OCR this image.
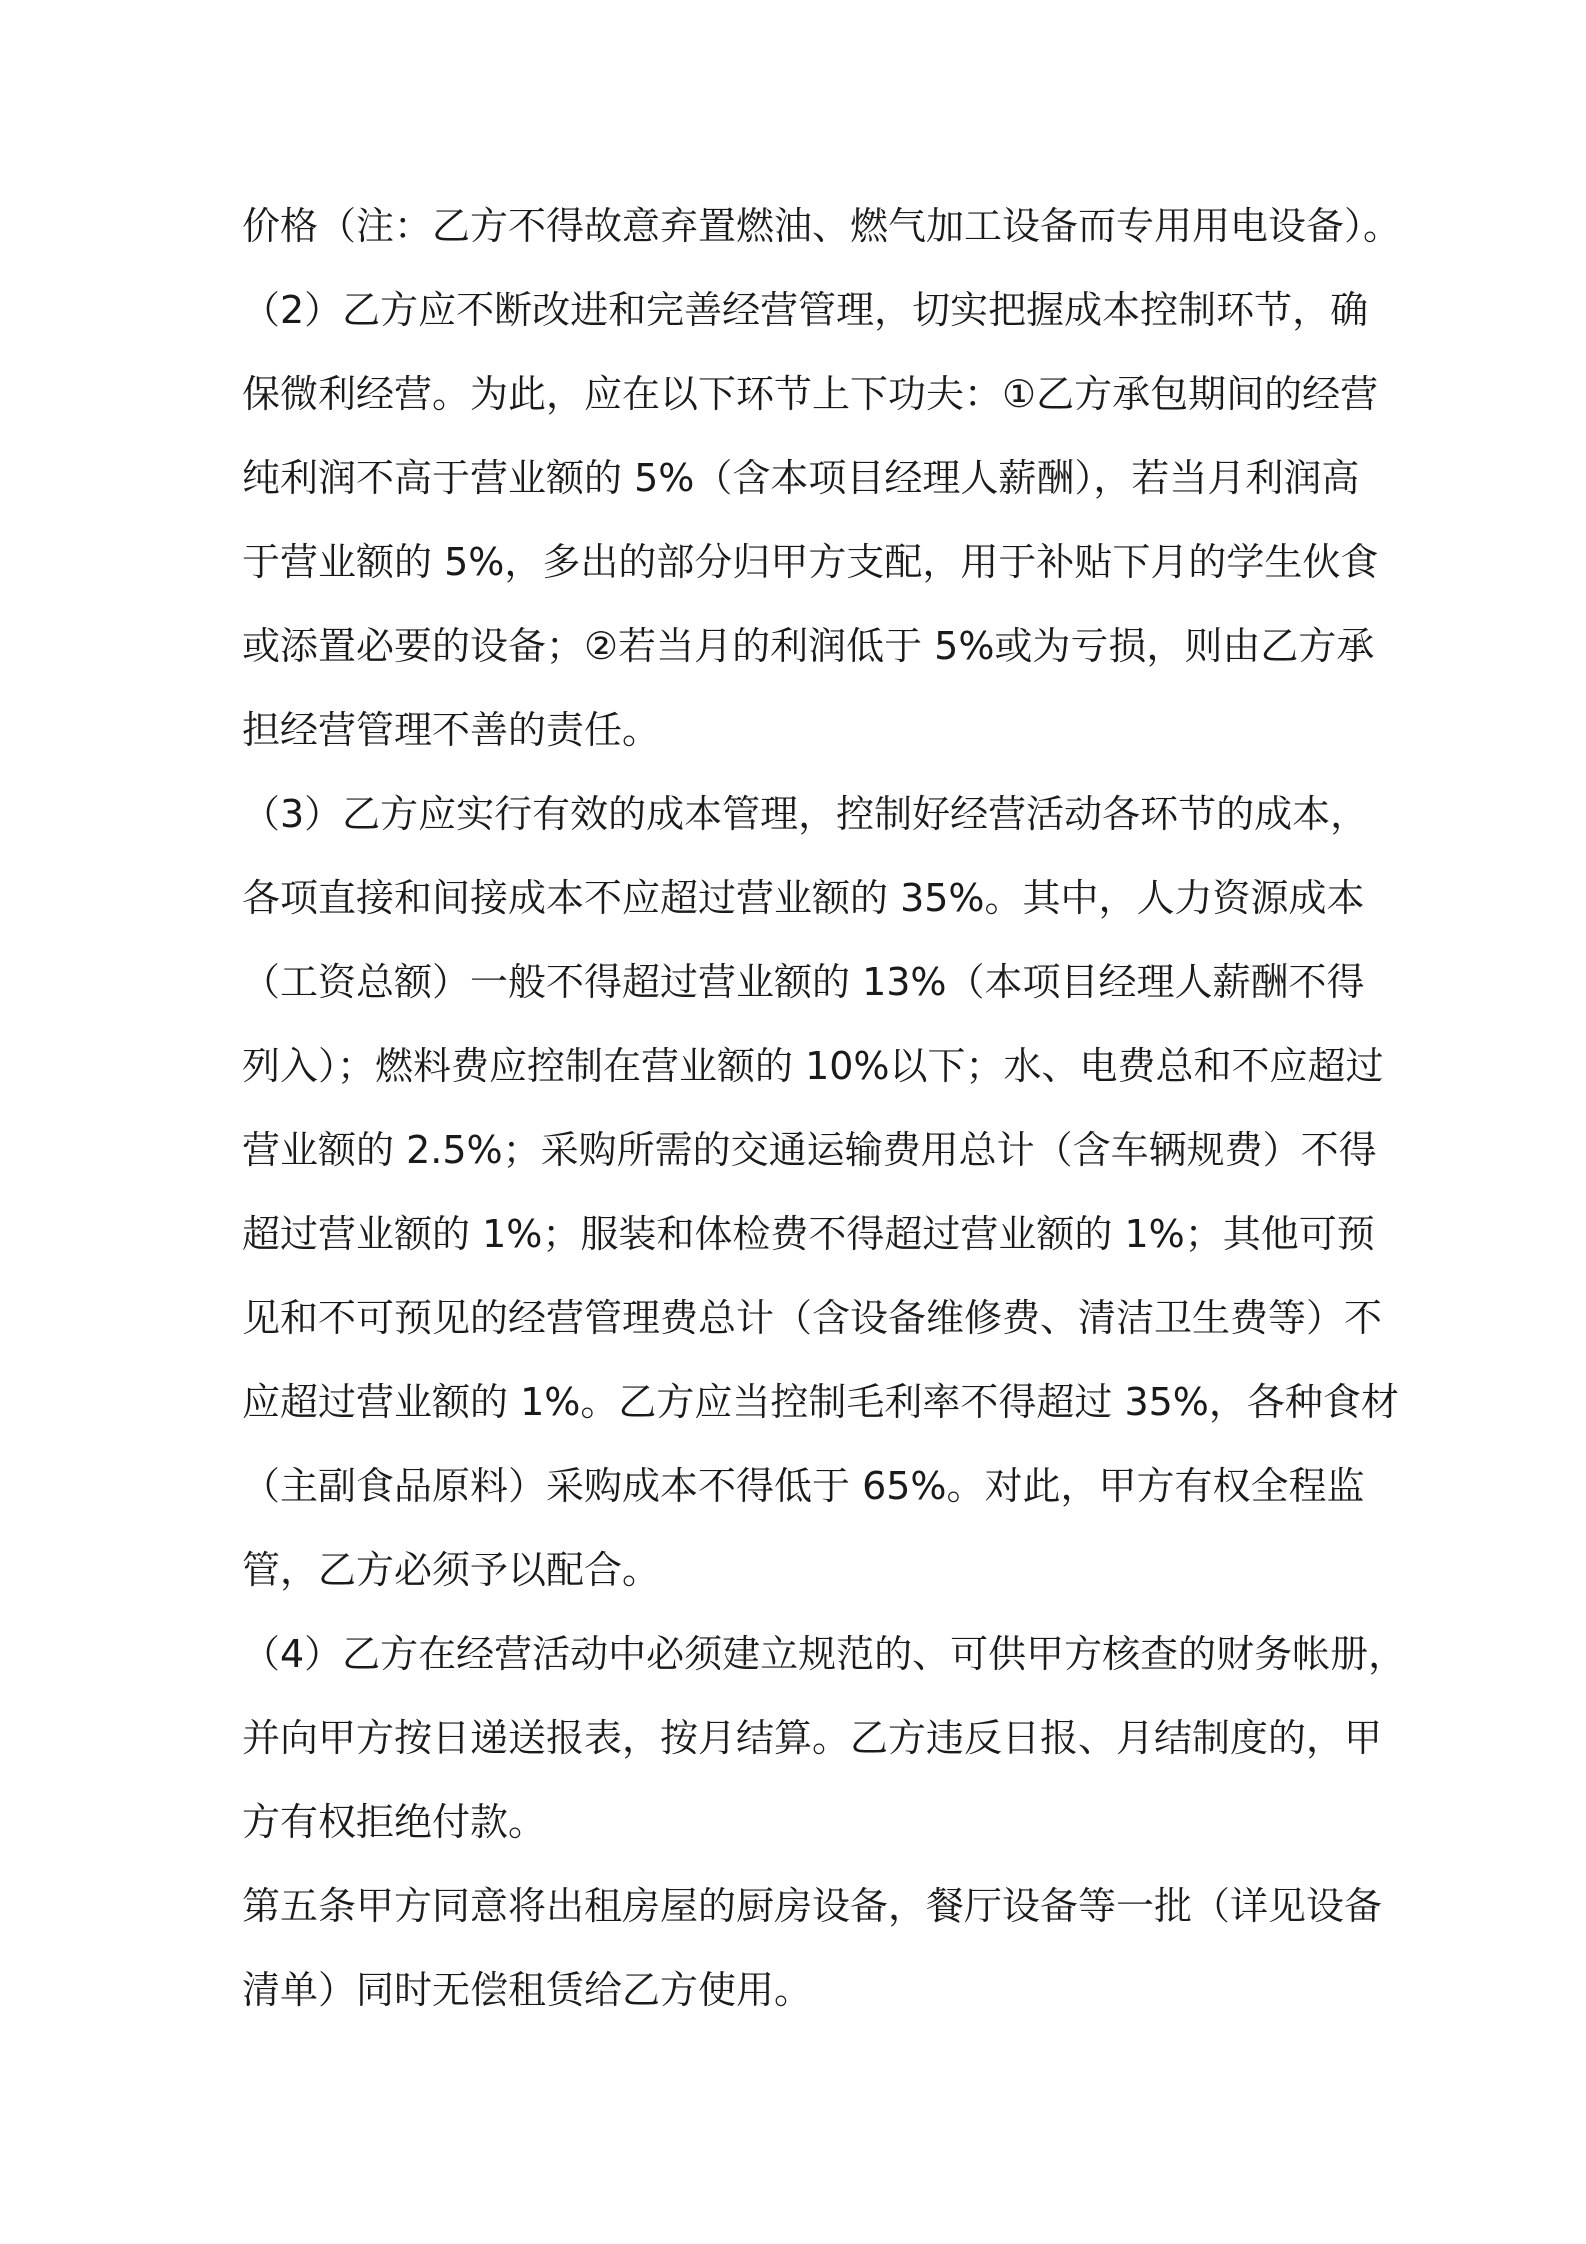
价格（注：乙方不得故意弃置燃油、燃气加工设备而专用用电设备）。

（2）乙方应不断改进和完善经营管理，切实把握成本控制环节，确

保微利经营。为此，应在以下环节上下功夫：①乙方承包期间的经营

纯利润不高于营业额的 5%（含本项目经理人薪酬），若当月利润高

于营业额的 5%，多出的部分归甲方支配，用于补贴下月的学生伙食

或添置必要的设备；②若当月的利润低于 5%或为亏损，则由乙方承

担经营管理不善的责任。

（3）乙方应实行有效的成本管理，控制好经营活动各环节的成本，

各项直接和间接成本不应超过营业额的 35%。其中，人力资源成本

（工资总额）一般不得超过营业额的 13%（本项目经理人薪酬不得

列入）；燃料费应控制在营业额的 10%以下；水、电费总和不应超过

营业额的 2.5%；采购所需的交通运输费用总计（含车辆规费）不得

超过营业额的 1%；服装和体检费不得超过营业额的 1%；其他可预

见和不可预见的经营管理费总计（含设备维修费、清洁卫生费等）不

应超过营业额的 1%。乙方应当控制毛利率不得超过 35%，各种食材

（主副食品原料）采购成本不得低于 65%。对此，甲方有权全程监

管，乙方必须予以配合。

（4）乙方在经营活动中必须建立规范的、可供甲方核查的财务帐册，

并向甲方按日递送报表，按月结算。乙方违反日报、月结制度的，甲

方有权拒绝付款。

第五条甲方同意将出租房屋的厨房设备，餐厅设备等一批（详见设备

清单）同时无偿租赁给乙方使用。
